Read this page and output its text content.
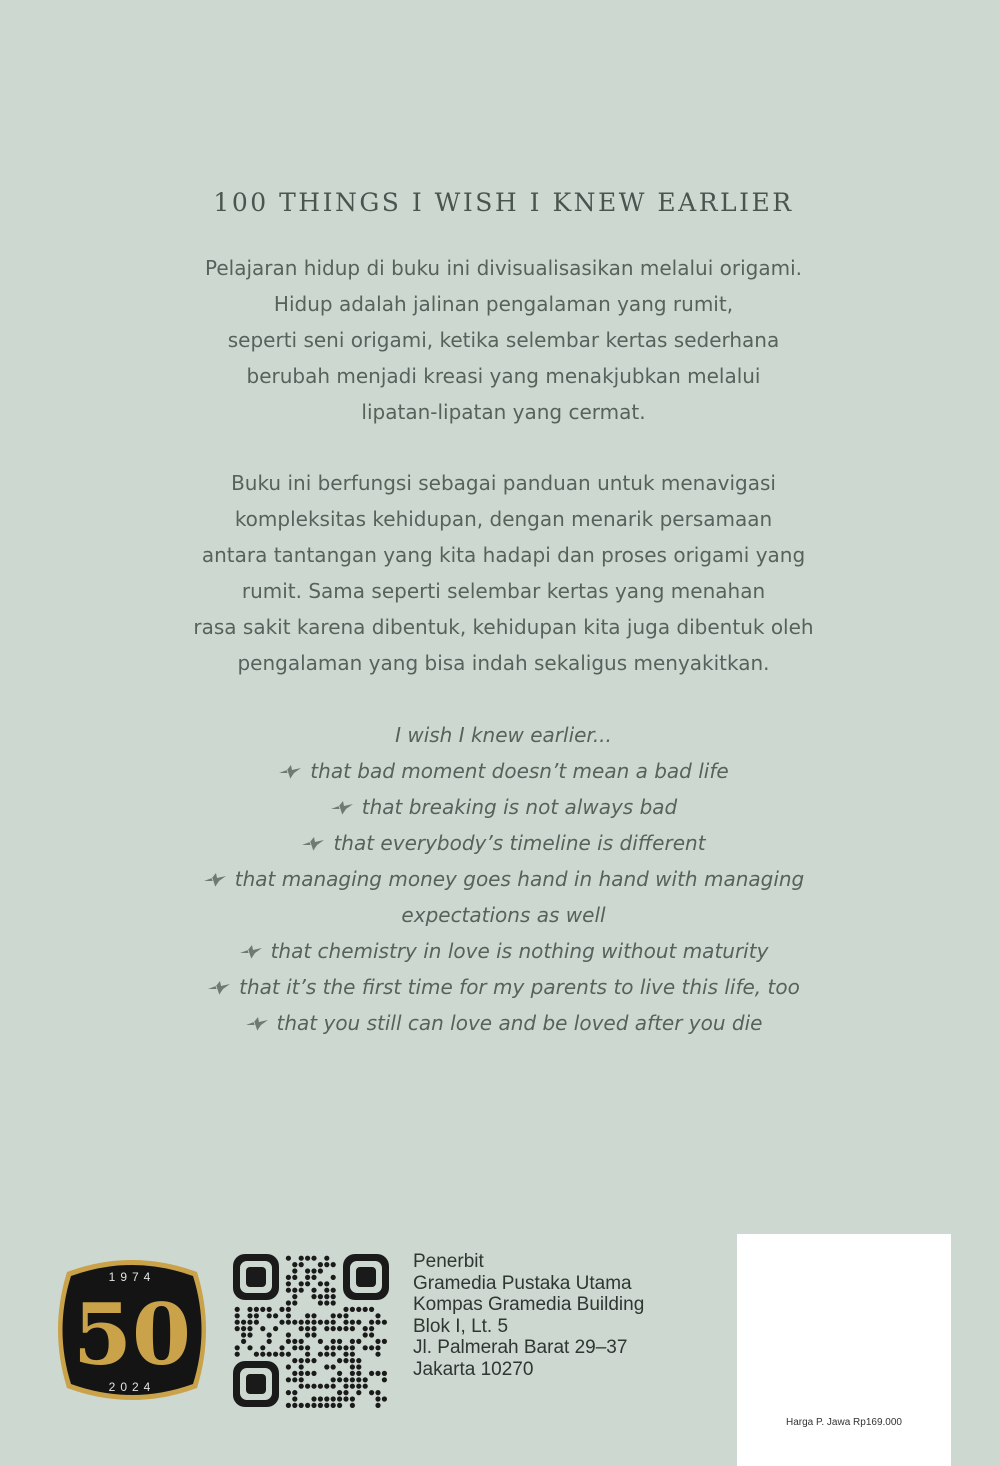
100 THINGS I WISH I KNEW EARLIER
Pelajaran hidup di buku ini divisualisasikan melalui origami.
Hidup adalah jalinan pengalaman yang rumit,
seperti seni origami, ketika selembar kertas sederhana
berubah menjadi kreasi yang menakjubkan melalui
lipatan-lipatan yang cermat.
Buku ini berfungsi sebagai panduan untuk menavigasi
kompleksitas kehidupan, dengan menarik persamaan
antara tantangan yang kita hadapi dan proses origami yang
rumit. Sama seperti selembar kertas yang menahan
rasa sakit karena dibentuk, kehidupan kita juga dibentuk oleh
pengalaman yang bisa indah sekaligus menyakitkan.
I wish I knew earlier...
that bad moment doesn’t mean a bad life
that breaking is not always bad
that everybody’s timeline is different
that managing money goes hand in hand with managing
expectations as well
that chemistry in love is nothing without maturity
that it’s the first time for my parents to live this life, too
that you still can love and be loved after you die
1974
50
2024
Penerbit
Gramedia Pustaka Utama
Kompas Gramedia Building
Blok I, Lt. 5
Jl. Palmerah Barat 29–37
Jakarta 10270
Harga P. Jawa Rp169.000
